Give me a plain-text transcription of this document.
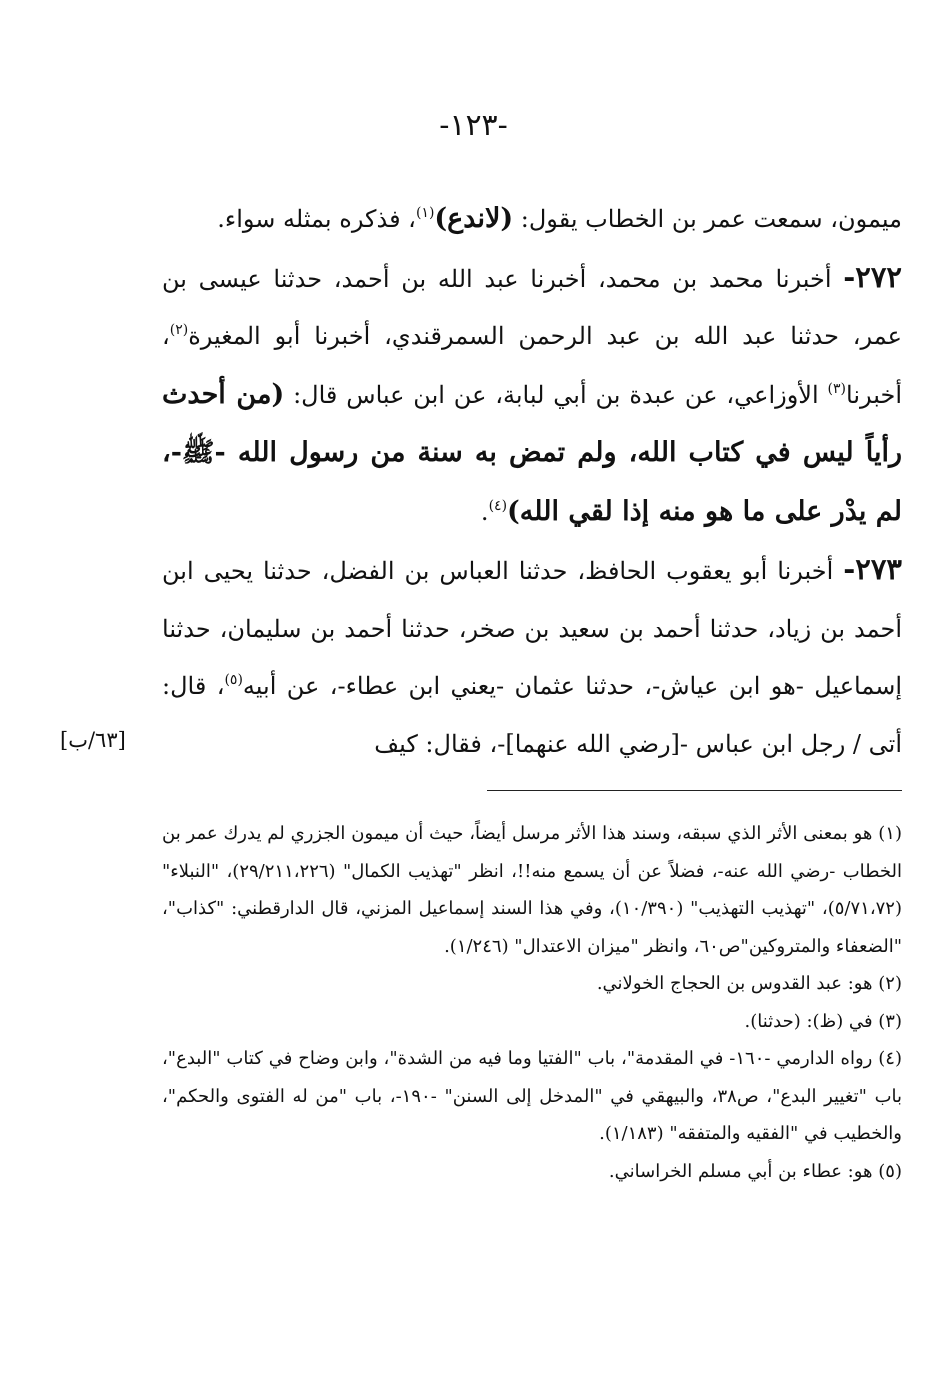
-١٢٣-

ميمون، سمعت عمر بن الخطاب يقول: (لاندع)$^{(١)}$، فذكره بمثله سواء.

٢٧٢- أخبرنا محمد بن محمد، أخبرنا عبد الله بن أحمد، حدثنا عيسى بن عمر، حدثنا عبد الله بن عبد الرحمن السمرقندي، أخبرنا أبو المغيرة$^{(٢)}$، أخبرنا$^{(٣)}$ الأوزاعي، عن عبدة بن أبي لبابة، عن ابن عباس قال: (من أحدث رأياً ليس في كتاب الله، ولم تمض به سنة من رسول الله -ﷺ-، لم يدْر على ما هو منه إذا لقي الله)$^{(٤)}$.

٢٧٣- أخبرنا أبو يعقوب الحافظ، حدثنا العباس بن الفضل، حدثنا يحيى ابن أحمد بن زياد، حدثنا أحمد بن سعيد بن صخر، حدثنا أحمد بن سليمان، حدثنا إسماعيل -هو ابن عياش-، حدثنا عثمان -يعني ابن عطاء-، عن أبيه$^{(٥)}$، قال: أتى / رجل ابن عباس -[رضي الله عنهما]-، فقال: كيف

[٦٣/ب]

(١) هو بمعنى الأثر الذي سبقه، وسند هذا الأثر مرسل أيضاً، حيث أن ميمون الجزري لم يدرك عمر بن الخطاب -رضي الله عنه-، فضلاً عن أن يسمع منه!!، انظر "تهذيب الكمال" (٢٩/٢١١،٢٢٦)، "النبلاء" (٥/٧١،٧٢)، "تهذيب التهذيب" (١٠/٣٩٠)، وفي هذا السند إسماعيل المزني، قال الدارقطني: "كذاب"، "الضعفاء والمتروكين"ص٦٠، وانظر "ميزان الاعتدال" (١/٢٤٦).

(٢) هو: عبد القدوس بن الحجاج الخولاني.

(٣) في (ظ): (حدثنا).

(٤) رواه الدارمي -١٦٠- في المقدمة"، باب "الفتيا وما فيه من الشدة"، وابن وضاح في كتاب "البدع"، باب "تغيير البدع"، ص٣٨، والبيهقي في "المدخل إلى السنن" -١٩٠-، باب "من له الفتوى والحكم"، والخطيب في "الفقيه والمتفقه" (١/١٨٣).

(٥) هو: عطاء بن أبي مسلم الخراساني.
